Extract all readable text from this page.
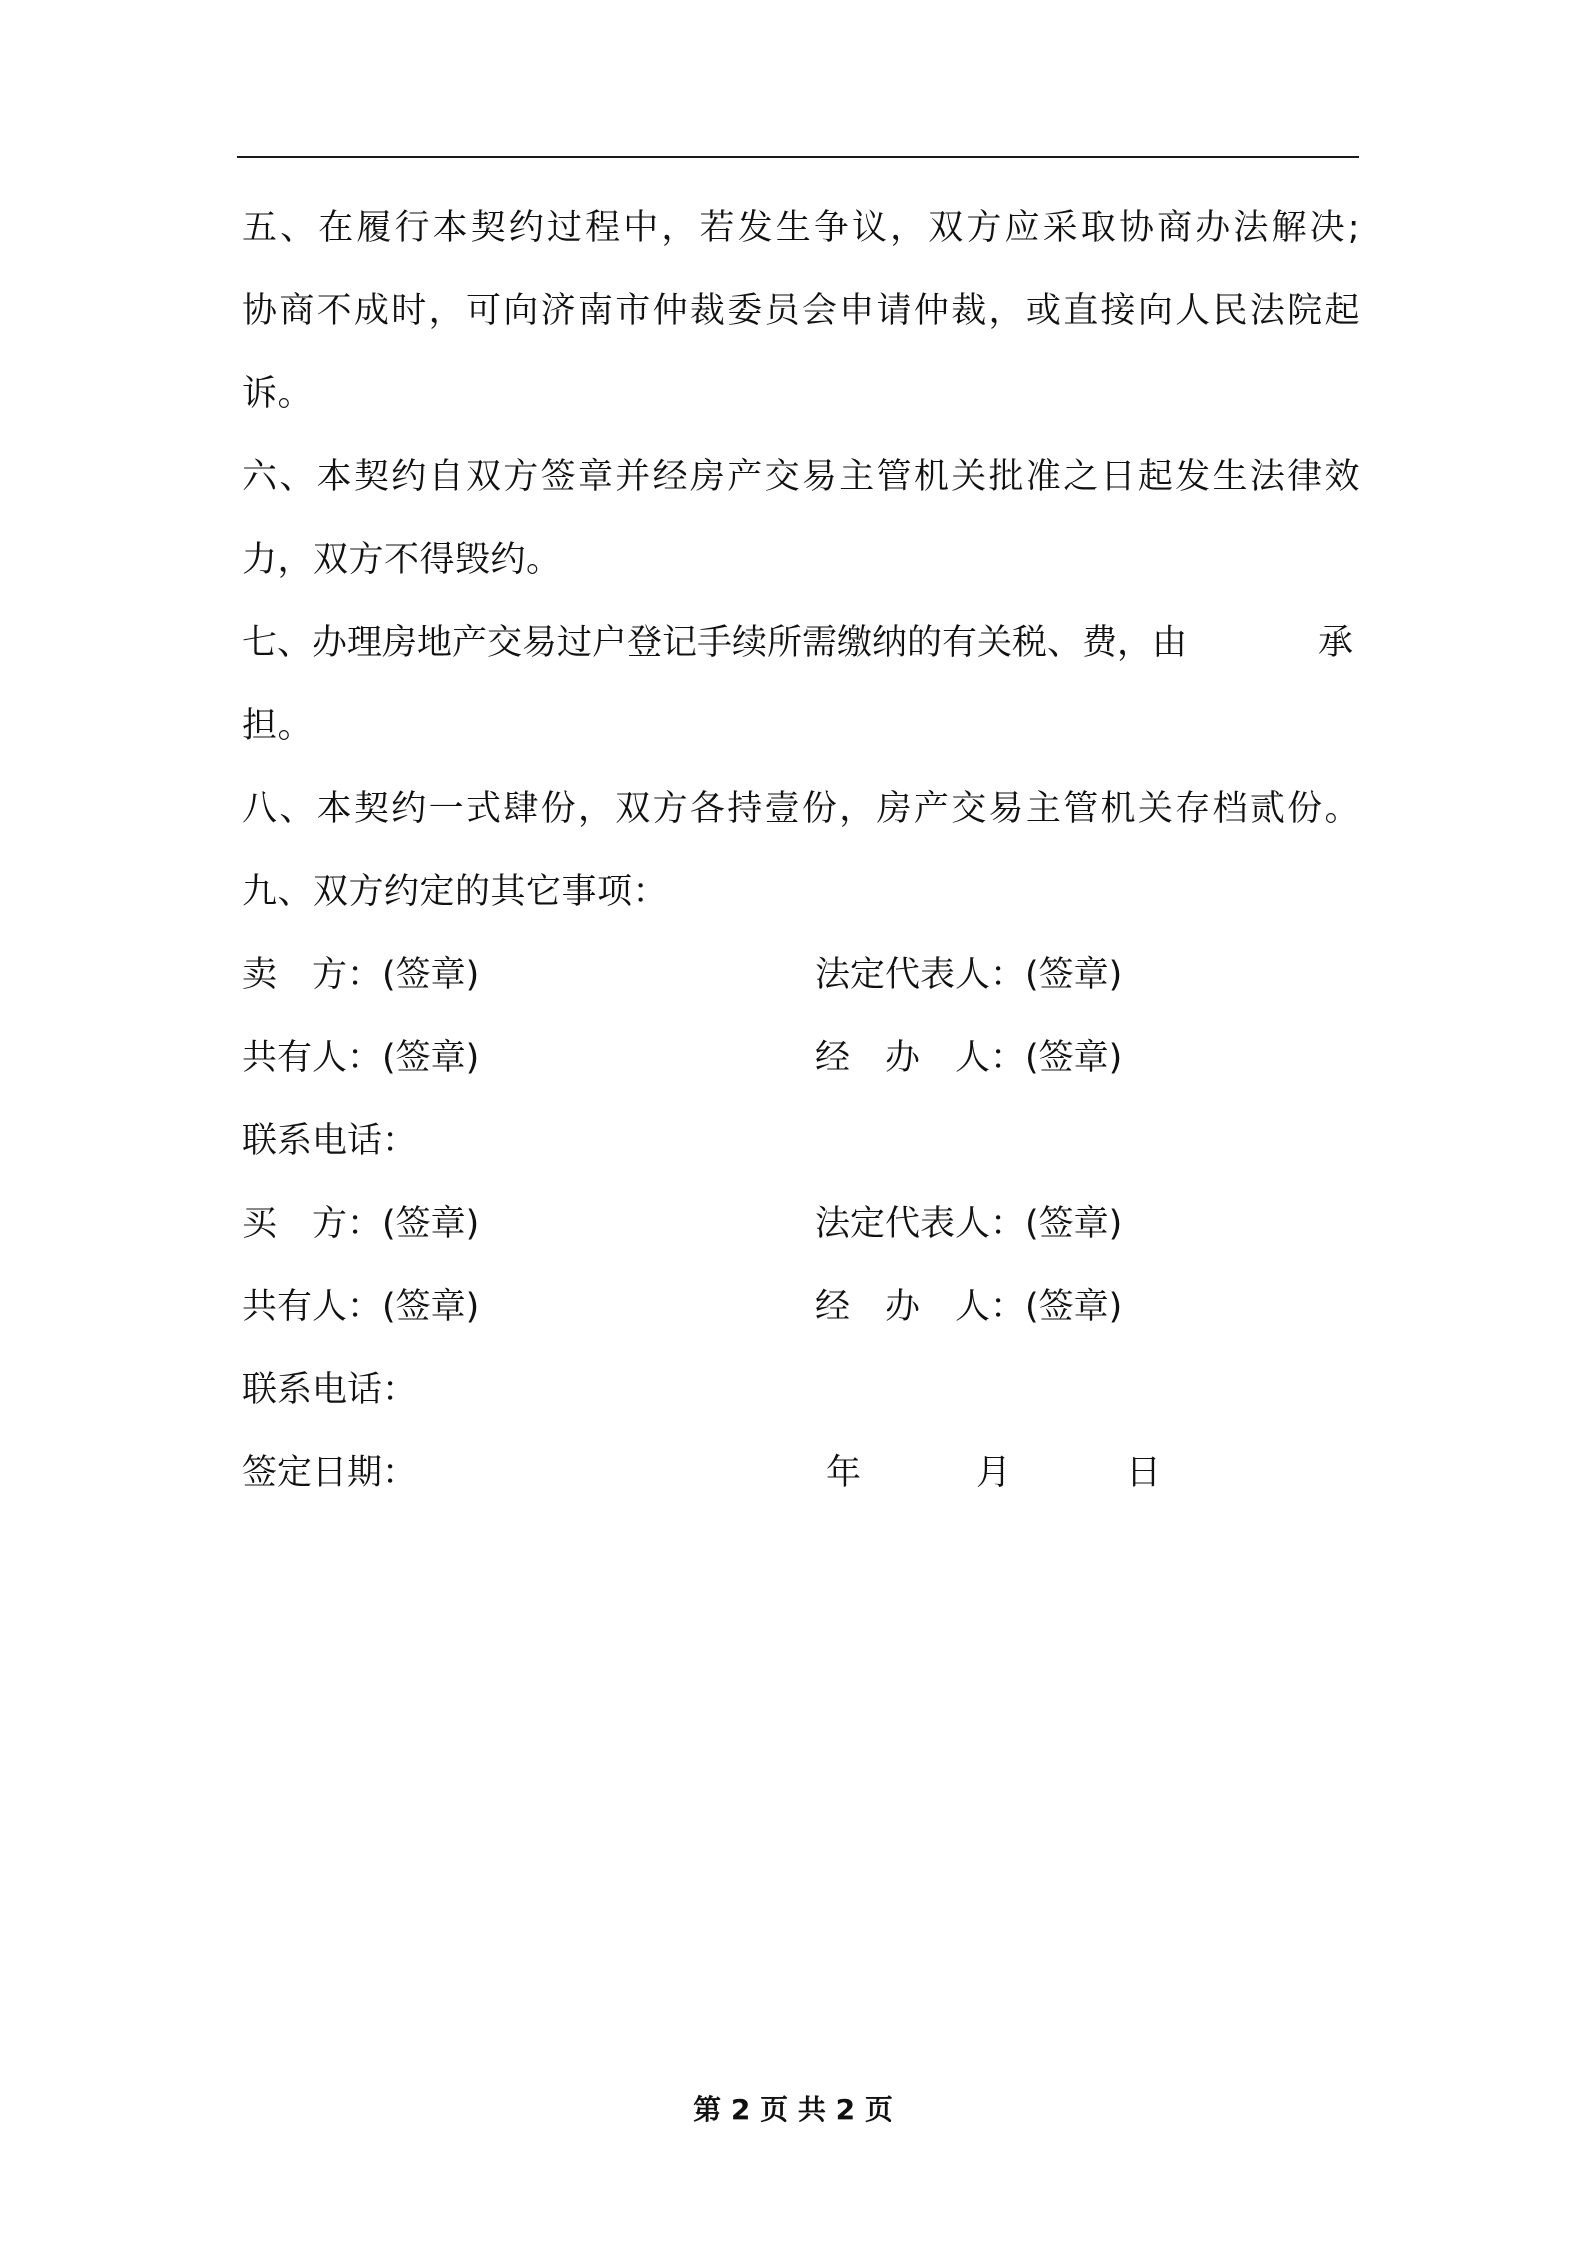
五、在履行本契约过程中，若发生争议，双方应采取协商办法解决;

协商不成时，可向济南市仲裁委员会申请仲裁，或直接向人民法院起

诉。

六、本契约自双方签章并经房产交易主管机关批准之日起发生法律效

力，双方不得毁约。

七、办理房地产交易过户登记手续所需缴纳的有关税、费，由	承

担。

八、本契约一式肆份，双方各持壹份，房产交易主管机关存档贰份。

九、双方约定的其它事项：

卖　方：(签章)	法定代表人：(签章)
共有人：(签章)	经　办　人：(签章)
联系电话：
买　方：(签章)	法定代表人：(签章)
共有人：(签章)	经　办　人：(签章)
联系电话：
签定日期：	年	月	日
第 2 页 共 2 页
